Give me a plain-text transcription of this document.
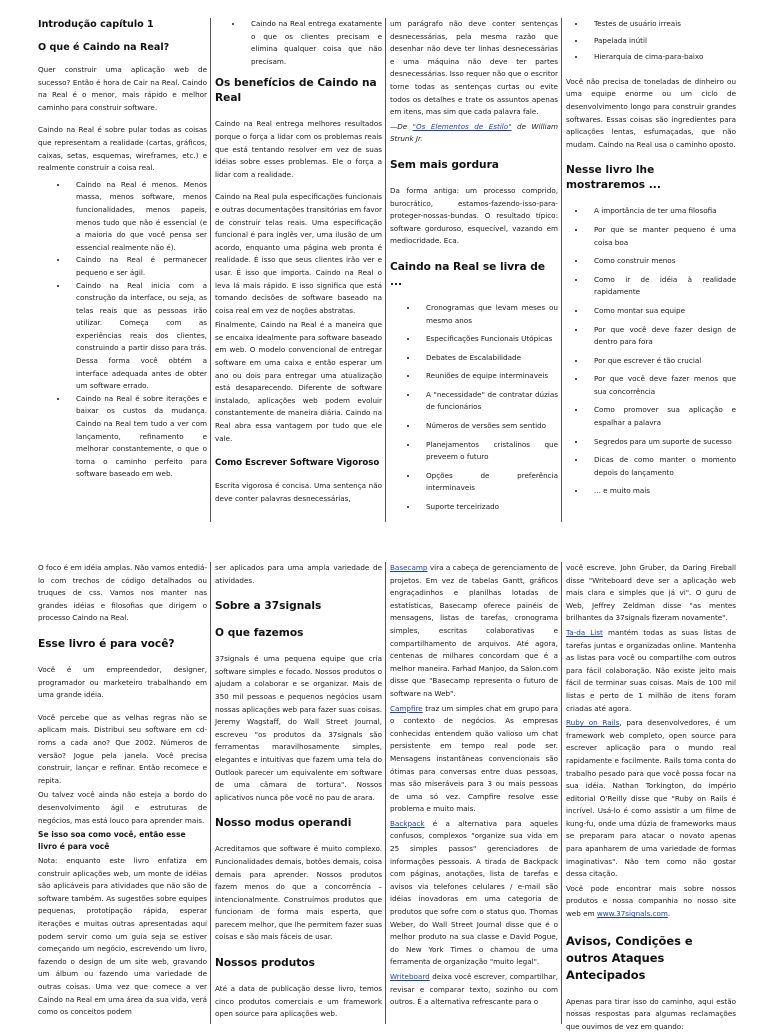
Introdução capítulo 1
O que é Caindo na Real?

Quer construir uma aplicação web de sucesso? Então é hora de Cair na Real. Caindo na Real é o menor, mais rápido e melhor caminho para construir software.

Caindo na Real é sobre pular todas as coisas que representam a realidade (cartas, gráficos, caixas, setas, esquemas, wireframes, etc.) e realmente construir a coisa real.

• Caindo na Real é menos. Menos massa, menos software, menos funcionalidades, menos papeis, menos tudo que não é essencial (e a maioria do que você pensa ser essencial realmente não é).
• Caindo na Real é permanecer pequeno e ser ágil.
• Caindo na Real inicia com a construção da interface, ou seja, as telas reais que as pessoas irão utilizar. Começa com as experiências reais dos clientes, construindo a partir disso para trás. Dessa forma você obtém a interface adequada antes de obter um software errado.
• Caindo na Real é sobre iterações e baixar os custos da mudança. Caindo na Real tem tudo a ver com lançamento, refinamento e melhorar constantemente, o que o torna o caminho perfeito para software baseado em web.
• Caindo na Real entrega exatamente o que os clientes precisam e elimina qualquer coisa que não precisam.
Os benefícios de Caindo na Real

Caindo na Real entrega melhores resultados porque o força a lidar com os problemas reais que está tentando resolver em vez de suas idéias sobre esses problemas. Ele o força a lidar com a realidade.

Caindo na Real pula especificações funcionais e outras documentações transitórias em favor de construir telas reais. Uma especificação funcional é para inglês ver, uma ilusão de um acordo, enquanto uma página web pronta é realidade. É isso que seus clientes irão ver e usar. É isso que importa. Caindo na Real o leva lá mais rápido. E isso significa que está tomando decisões de software baseado na coisa real em vez de noções abstratas.

Finalmente, Caindo na Real é a maneira que se encaixa idealmente para software baseado em web. O modelo convencional de entregar software em uma caixa e então esperar um ano ou dois para entregar uma atualização está desaparecendo. Diferente de software instalado, aplicações web podem evoluir constantemente de maneira diária. Caindo na Real abra essa vantagem por tudo que ele vale.

Como Escrever Software Vigoroso

Escrita vigorosa é concisa. Uma sentença não deve conter palavras desnecessárias,

um parágrafo não deve conter sentenças desnecessárias, pela mesma razão que desenhar não deve ter linhas desnecessárias e uma máquina não deve ter partes desnecessárias. Isso requer não que o escritor torne todas as sentenças curtas ou evite todos os detalhes e trate os assuntos apenas em itens, mas sim que cada palavra fale.

—De "Os Elementos de Estilo" de William Strunk Jr.

Sem mais gordura

Da forma antiga: um processo comprido, burocrático, estamos-fazendo-isso-para-proteger-nossas-bundas. O resultado típico: software gorduroso, esquecível, vazando em mediocridade. Eca.

Caindo na Real se livra de ...
• Cronogramas que levam meses ou mesmo anos
• Especificações Funcionais Utópicas
• Debates de Escalabilidade
• Reuniões de equipe interminaveis
• A "necessidade" de contratar dúzias de funcionários
• Números de versões sem sentido
• Planejamentos cristalinos que preveem o futuro
• Opções de preferência interminaveis
• Suporte terceirizado
• Testes de usuário irreais
• Papelada inútil
• Hierarquia de cima-para-baixo

Você não precisa de toneladas de dinheiro ou uma equipe enorme ou um ciclo de desenvolvimento longo para construir grandes softwares. Essas coisas são ingredientes para aplicações lentas, esfumaçadas, que não mudam. Caindo na Real usa o caminho oposto.

Nesse livro lhe mostraremos ...
• A importância de ter uma filosofia
• Por que se manter pequeno é uma coisa boa
• Como construir menos
• Como ir de idéia à realidade rapidamente
• Como montar sua equipe
• Por que você deve fazer design de dentro para fora
• Por que escrever é tão crucial
• Por que você deve fazer menos que sua concorrência
• Como promover sua aplicação e espalhar a palavra
• Segredos para um suporte de sucesso
• Dicas de como manter o momento depois do lançamento
• ... e muito mais

O foco é em idéia amplas. Não vamos entediá-lo com trechos de código detalhados ou truques de css. Vamos nos manter nas grandes idéias e filosofias que dirigem o processo Caindo na Real.

Esse livro é para você?

Você é um empreendedor, designer, programador ou marketeiro trabalhando em uma grande idéia.

Você percebe que as velhas regras não se aplicam mais. Distribui seu software em cd-roms a cada ano? Que 2002. Números de versão? Jogue pela janela. Você precisa construir, lançar e refinar. Então recomece e repita.

Ou talvez você ainda não esteja a bordo do desenvolvimento ágil e estruturas de negócios, mas está louco para aprender mais.

Se isso soa como você, então esse livro é para você

Nota: enquanto este livro enfatiza em construir aplicações web, um monte de idéias são aplicáveis para atividades que não são de software também. As sugestões sobre equipes pequenas, prototipação rápida, esperar iterações e muitas outras apresentadas aqui podem servir como um guia seja se estiver começando um negócio, escrevendo um livro, fazendo o design de um site web, gravando um álbum ou fazendo uma variedade de outras coisas. Uma vez que comece a ver Caindo na Real em uma área da sua vida, verá como os conceitos podem

ser aplicados para uma ampla variedade de atividades.

Sobre a 37signals
O que fazemos

37signals é uma pequena equipe que cria software simples e focado. Nossos produtos o ajudam a colaborar e se organizar. Mais de 350 mil pessoas e pequenos negócios usam nossas aplicações web para fazer suas coisas. Jeremy Wagstaff, do Wall Street Journal, escreveu "os produtos da 37signals são ferramentas maravilhosamente simples, elegantes e intuitivas que fazem uma tela do Outlook parecer um equivalente em software de uma câmara de tortura". Nossos aplicativos nunca põe você no pau de arara.

Nosso modus operandi

Acreditamos que software é muito complexo. Funcionalidades demais, botões demais, coisa demais para aprender. Nossos produtos fazem menos do que a concorrência – intencionalmente. Construímos produtos que funcionam de forma mais esperta, que parecem melhor, que lhe permitem fazer suas coisas e são mais fáceis de usar.

Nossos produtos

Até a data de publicação desse livro, temos cinco produtos comerciais e um framework open source para aplicações web.

Basecamp vira a cabeça de gerenciamento de projetos. Em vez de tabelas Gantt, gráficos engraçadinhos e planilhas lotadas de estatísticas, Basecamp oferece painéis de mensagens, listas de tarefas, cronograma simples, escritas colaborativas e compartilhamento de arquivos. Até agora, centenas de milhares concordam que é a melhor maneira. Farhad Manjoo, da Salon.com disse que "Basecamp representa o futuro de software na Web".

Campfire traz um simples chat em grupo para o contexto de negócios. As empresas conhecidas entendem quão valioso um chat persistente em tempo real pode ser. Mensagens instantâneas convencionais são ótimas para conversas entre duas pessoas, mas são miseráveis para 3 ou mais pessoas de uma só vez. Campfire resolve esse problema e muito mais.

Backpack é a alternativa para aqueles confusos, complexos "organize sua vida em 25 simples passos" gerenciadores de informações pessoais. A tirada de Backpack com páginas, anotações, lista de tarefas e avisos via telefones celulares / e-mail são idéias inovadoras em uma categoria de produtos que sofre com o status quo. Thomas Weber, do Wall Street Journal disse que é o melhor produto na sua classe e David Pogue, do New York Times o chamou de uma ferramenta de organização "muito legal".

Writeboard deixa você escrever, compartilhar, revisar e comparar texto, sozinho ou com outros. É a alternativa refrescante para o

você escreve. John Gruber, da Daring Fireball disse "Writeboard deve ser a aplicação web mais clara e simples que já vi". O guru de Web, Jeffrey Zeldman disse "as mentes brilhantes da 37signals fizeram novamente".

Ta-da List mantém todas as suas listas de tarefas juntas e organizadas online. Mantenha as listas para você ou compartilhe com outros para fácil colaboração. Não existe jeito mais fácil de terminar suas coisas. Mais de 100 mil listas e perto de 1 milhão de itens foram criadas até agora.

Ruby on Rails, para desenvolvedores, é um framework web completo, open source para escrever aplicação para o mundo real rapidamente e facilmente. Rails toma conta do trabalho pesado para que você possa focar na sua idéia. Nathan Torkington, do império editorial O'Reilly disse que "Ruby on Rails é incrível. Usá-lo é como assistir a um filme de kung-fu, onde uma dúzia de frameworks maus se preparam para atacar o novato apenas para apanharem de uma variedade de formas imaginativas". Não tem como não gostar dessa citação.

Você pode encontrar mais sobre nossos produtos e nossa companhia no nosso site web em www.37signals.com.

Avisos, Condições e outros Ataques Antecipados

Apenas para tirar isso do caminho, aqui estão nossas respostas para algumas reclamações que ouvimos de vez em quando:
